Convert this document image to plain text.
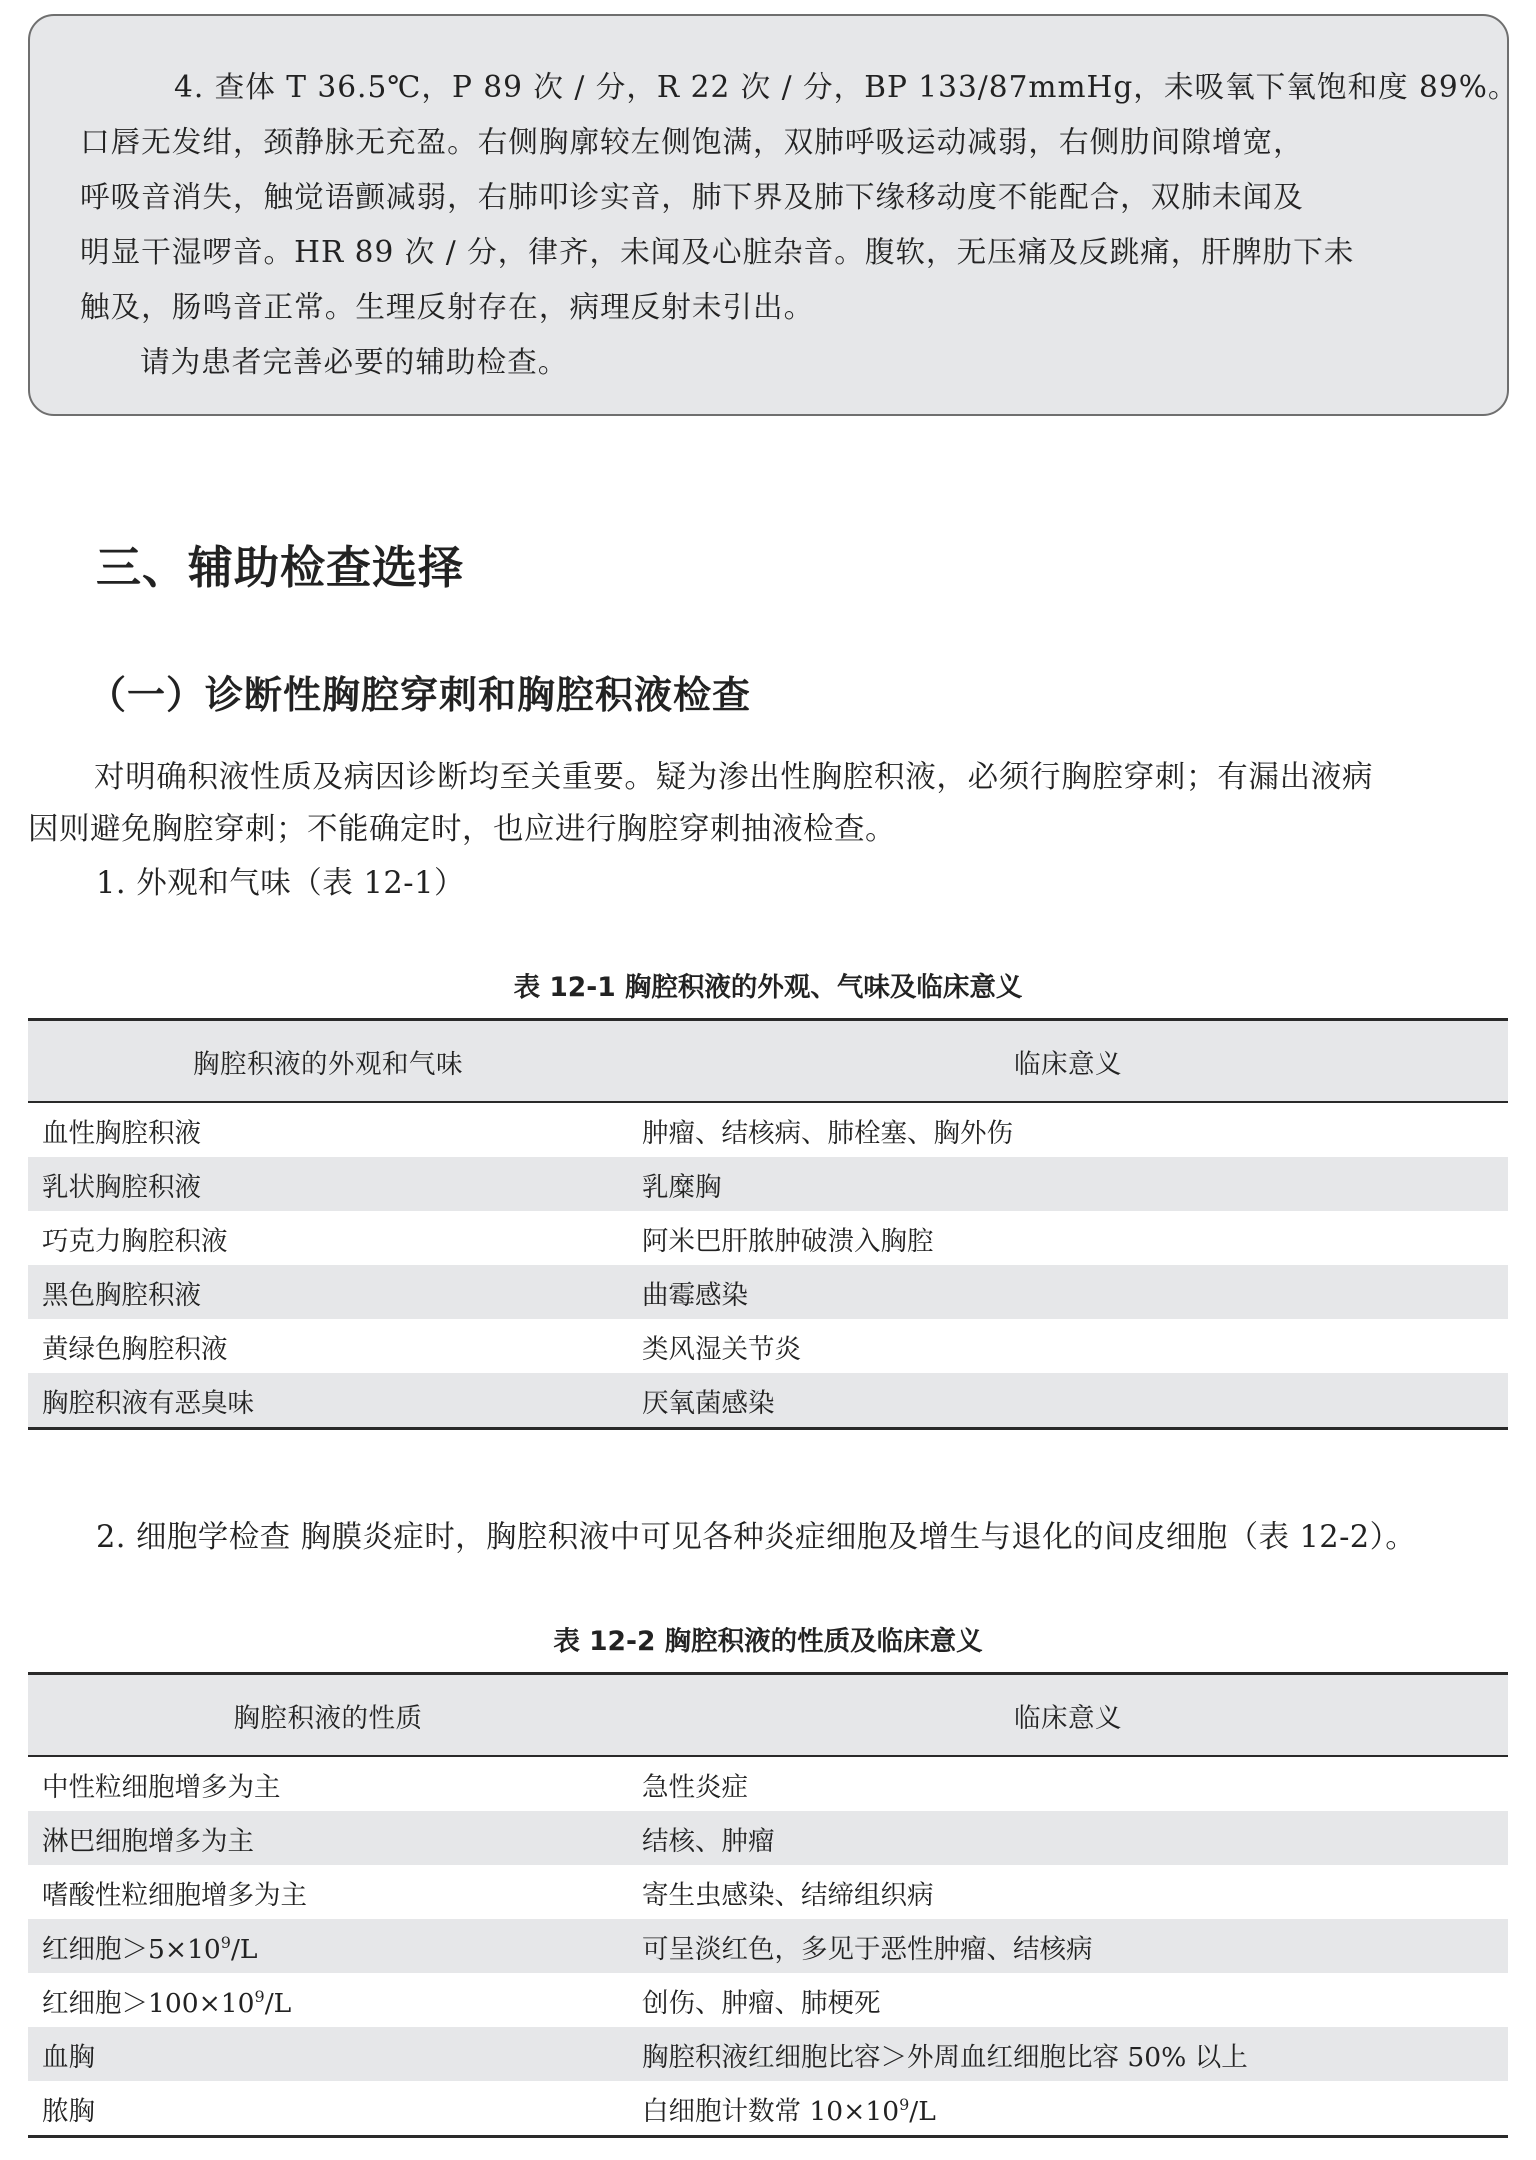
4. 查体 T 36.5℃，P 89 次 / 分，R 22 次 / 分，BP 133/87mmHg，未吸氧下氧饱和度 89%。

口唇无发绀，颈静脉无充盈。右侧胸廓较左侧饱满，双肺呼吸运动减弱，右侧肋间隙增宽，

呼吸音消失，触觉语颤减弱，右肺叩诊实音，肺下界及肺下缘移动度不能配合，双肺未闻及

明显干湿啰音。HR 89 次 / 分，律齐，未闻及心脏杂音。腹软，无压痛及反跳痛，肝脾肋下未

触及，肠鸣音正常。生理反射存在，病理反射未引出。

请为患者完善必要的辅助检查。

三、辅助检查选择
（一）诊断性胸腔穿刺和胸腔积液检查
对明确积液性质及病因诊断均至关重要。疑为渗出性胸腔积液，必须行胸腔穿刺；有漏出液病
因则避免胸腔穿刺；不能确定时，也应进行胸腔穿刺抽液检查。

1. 外观和气味（表 12-1）

表 12-1 胸腔积液的外观、气味及临床意义

胸腔积液的外观和气味	临床意义
血性胸腔积液	肿瘤、结核病、肺栓塞、胸外伤
乳状胸腔积液	乳糜胸
巧克力胸腔积液	阿米巴肝脓肿破溃入胸腔
黑色胸腔积液	曲霉感染
黄绿色胸腔积液	类风湿关节炎
胸腔积液有恶臭味	厌氧菌感染

2. 细胞学检查 胸膜炎症时，胸腔积液中可见各种炎症细胞及增生与退化的间皮细胞（表 12-2）。

表 12-2 胸腔积液的性质及临床意义

胸腔积液的性质	临床意义
中性粒细胞增多为主	急性炎症
淋巴细胞增多为主	结核、肿瘤
嗜酸性粒细胞增多为主	寄生虫感染、结缔组织病
红细胞$>5\times 10^9/L$	可呈淡红色，多见于恶性肿瘤、结核病
红细胞$>100\times 10^9/L$	创伤、肿瘤、肺梗死
血胸	胸腔积液红细胞比容＞外周血红细胞比容 50% 以上
脓胸	白细胞计数常 $10\times 10^9/L$
